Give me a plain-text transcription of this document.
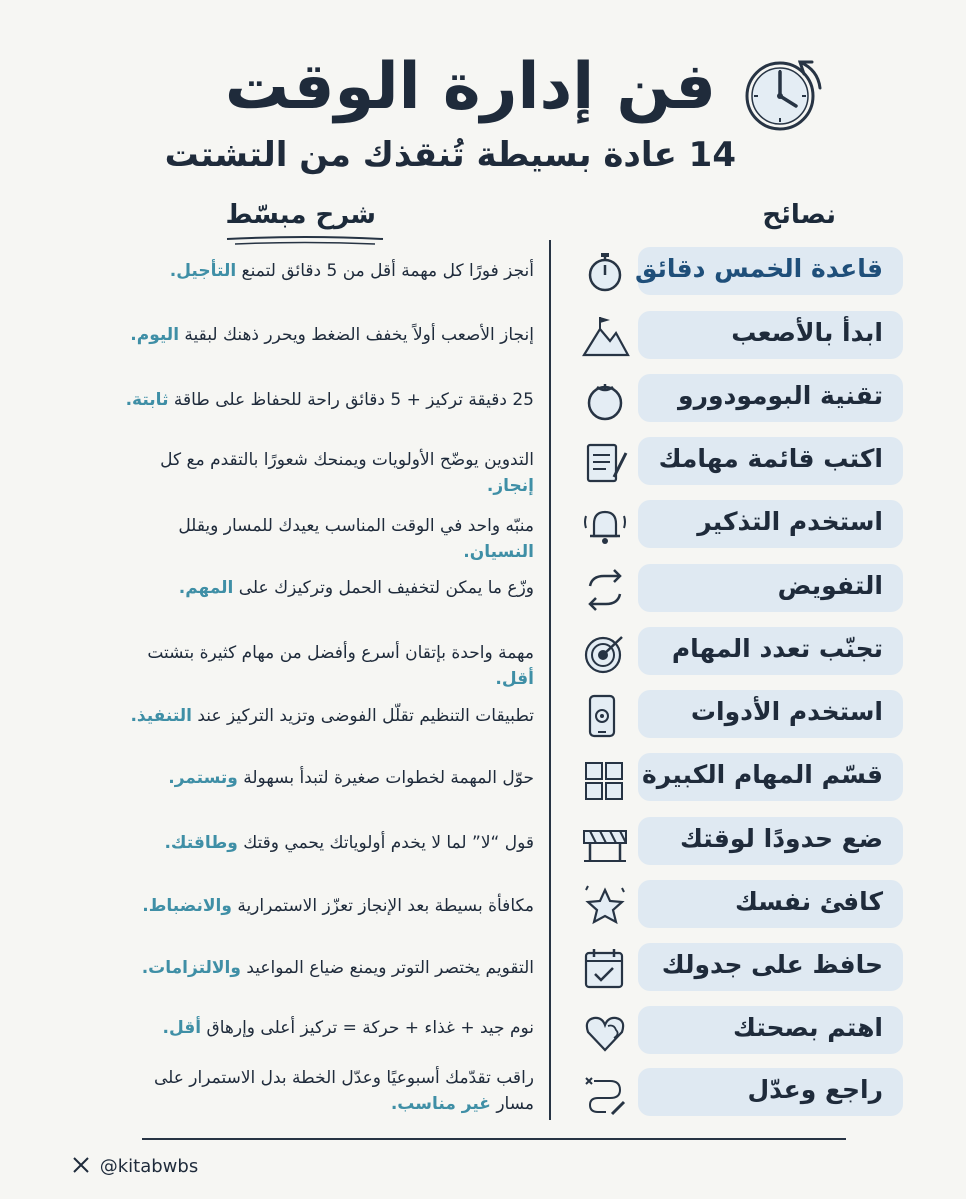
فن إدارة الوقت
14 عادة بسيطة تُنقذك من التشتت
نصائح
شرح مبسّط
قاعدة الخمس دقائق
ابدأ بالأصعب
تقنية البومودورو
اكتب قائمة مهامك
استخدم التذكير
التفويض
تجنّب تعدد المهام
استخدم الأدوات
قسّم المهام الكبيرة
ضع حدودًا لوقتك
كافئ نفسك
حافظ على جدولك
اهتم بصحتك
راجع وعدّل
أنجز فورًا كل مهمة أقل من 5 دقائق لتمنع التأجيل.
إنجاز الأصعب أولاً يخفف الضغط ويحرر ذهنك لبقية اليوم.
25 دقيقة تركيز + 5 دقائق راحة للحفاظ على طاقة ثابتة.
التدوين يوضّح الأولويات ويمنحك شعورًا بالتقدم مع كل إنجاز.
منبّه واحد في الوقت المناسب يعيدك للمسار ويقلل النسيان.
وزّع ما يمكن لتخفيف الحمل وتركيزك على المهم.
مهمة واحدة بإتقان أسرع وأفضل من مهام كثيرة بتشتت أقل.
تطبيقات التنظيم تقلّل الفوضى وتزيد التركيز عند التنفيذ.
حوّل المهمة لخطوات صغيرة لتبدأ بسهولة وتستمر.
قول “لا” لما لا يخدم أولوياتك يحمي وقتك وطاقتك.
مكافأة بسيطة بعد الإنجاز تعزّز الاستمرارية والانضباط.
التقويم يختصر التوتر ويمنع ضياع المواعيد والالتزامات.
نوم جيد + غذاء + حركة = تركيز أعلى وإرهاق أقل.
راقب تقدّمك أسبوعيًا وعدّل الخطة بدل الاستمرار على مسار غير مناسب.
@kitabwbs
